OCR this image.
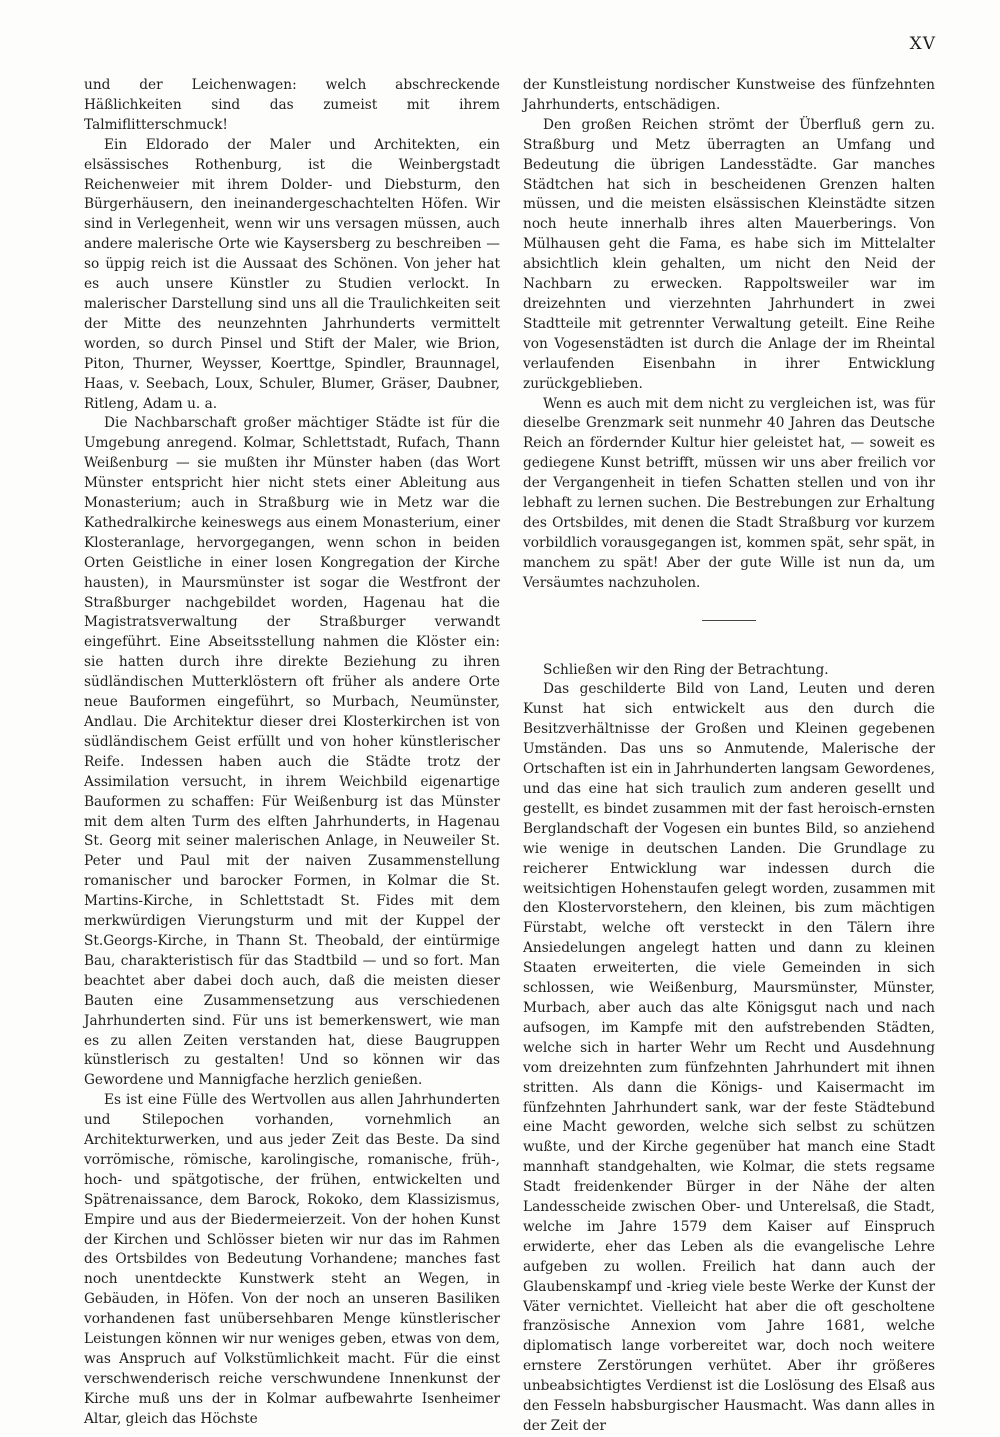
XV

und der Leichenwagen: welch abschreckende Häßlichkeiten sind das zumeist mit ihrem Talmiflitterschmuck!

Ein Eldorado der Maler und Architekten, ein elsässisches Rothenburg, ist die Weinbergstadt Reichenweier mit ihrem Dolder- und Diebsturm, den Bürgerhäusern, den ineinandergeschachtelten Höfen. Wir sind in Verlegenheit, wenn wir uns versagen müssen, auch andere malerische Orte wie Kaysersberg zu beschreiben — so üppig reich ist die Aussaat des Schönen. Von jeher hat es auch unsere Künstler zu Studien verlockt. In malerischer Darstellung sind uns all die Traulichkeiten seit der Mitte des neunzehnten Jahrhunderts vermittelt worden, so durch Pinsel und Stift der Maler, wie Brion, Piton, Thurner, Weysser, Koerttge, Spindler, Braunnagel, Haas, v. Seebach, Loux, Schuler, Blumer, Gräser, Daubner, Ritleng, Adam u. a.

Die Nachbarschaft großer mächtiger Städte ist für die Umgebung anregend. Kolmar, Schlettstadt, Rufach, Thann Weißenburg — sie mußten ihr Münster haben (das Wort Münster entspricht hier nicht stets einer Ableitung aus Monasterium; auch in Straßburg wie in Metz war die Kathedralkirche keineswegs aus einem Monasterium, einer Klosteranlage, hervorgegangen, wenn schon in beiden Orten Geistliche in einer losen Kongregation der Kirche hausten), in Maursmünster ist sogar die Westfront der Straßburger nachgebildet worden, Hagenau hat die Magistratsverwaltung der Straßburger verwandt eingeführt. Eine Abseitsstellung nahmen die Klöster ein: sie hatten durch ihre direkte Beziehung zu ihren südländischen Mutterklöstern oft früher als andere Orte neue Bauformen eingeführt, so Murbach, Neumünster, Andlau. Die Architektur dieser drei Klosterkirchen ist von südländischem Geist erfüllt und von hoher künstlerischer Reife. Indessen haben auch die Städte trotz der Assimilation versucht, in ihrem Weichbild eigenartige Bauformen zu schaffen: Für Weißenburg ist das Münster mit dem alten Turm des elften Jahrhunderts, in Hagenau St. Georg mit seiner malerischen Anlage, in Neuweiler St. Peter und Paul mit der naiven Zusammenstellung romanischer und barocker Formen, in Kolmar die St. Martins-Kirche, in Schlettstadt St. Fides mit dem merkwürdigen Vierungsturm und mit der Kuppel der St.Georgs-Kirche, in Thann St. Theobald, der eintürmige Bau, charakteristisch für das Stadtbild — und so fort. Man beachtet aber dabei doch auch, daß die meisten dieser Bauten eine Zusammensetzung aus verschiedenen Jahrhunderten sind. Für uns ist bemerkenswert, wie man es zu allen Zeiten verstanden hat, diese Baugruppen künstlerisch zu gestalten! Und so können wir das Gewordene und Mannigfache herzlich genießen.

Es ist eine Fülle des Wertvollen aus allen Jahrhunderten und Stilepochen vorhanden, vornehmlich an Architekturwerken, und aus jeder Zeit das Beste. Da sind vorrömische, römische, karolingische, romanische, früh-, hoch- und spätgotische, der frühen, entwickelten und Spätrenaissance, dem Barock, Rokoko, dem Klassizismus, Empire und aus der Biedermeierzeit. Von der hohen Kunst der Kirchen und Schlösser bieten wir nur das im Rahmen des Ortsbildes von Bedeutung Vorhandene; manches fast noch unentdeckte Kunstwerk steht an Wegen, in Gebäuden, in Höfen. Von der noch an unseren Basiliken vorhandenen fast unübersehbaren Menge künstlerischer Leistungen können wir nur weniges geben, etwas von dem, was Anspruch auf Volkstümlichkeit macht. Für die einst verschwenderisch reiche verschwundene Innenkunst der Kirche muß uns der in Kolmar aufbewahrte Isenheimer Altar, gleich das Höchste

der Kunstleistung nordischer Kunstweise des fünfzehnten Jahrhunderts, entschädigen.

Den großen Reichen strömt der Überfluß gern zu. Straßburg und Metz überragten an Umfang und Bedeutung die übrigen Landesstädte. Gar manches Städtchen hat sich in bescheidenen Grenzen halten müssen, und die meisten elsässischen Kleinstädte sitzen noch heute innerhalb ihres alten Mauerberings. Von Mülhausen geht die Fama, es habe sich im Mittelalter absichtlich klein gehalten, um nicht den Neid der Nachbarn zu erwecken. Rappoltsweiler war im dreizehnten und vierzehnten Jahrhundert in zwei Stadtteile mit getrennter Verwaltung geteilt. Eine Reihe von Vogesenstädten ist durch die Anlage der im Rheintal verlaufenden Eisenbahn in ihrer Entwicklung zurückgeblieben.

Wenn es auch mit dem nicht zu vergleichen ist, was für dieselbe Grenzmark seit nunmehr 40 Jahren das Deutsche Reich an fördernder Kultur hier geleistet hat, — soweit es gediegene Kunst betrifft, müssen wir uns aber freilich vor der Vergangenheit in tiefen Schatten stellen und von ihr lebhaft zu lernen suchen. Die Bestrebungen zur Erhaltung des Ortsbildes, mit denen die Stadt Straßburg vor kurzem vorbildlich vorausgegangen ist, kommen spät, sehr spät, in manchem zu spät! Aber der gute Wille ist nun da, um Versäumtes nachzuholen.

Schließen wir den Ring der Betrachtung.

Das geschilderte Bild von Land, Leuten und deren Kunst hat sich entwickelt aus den durch die Besitzverhältnisse der Großen und Kleinen gegebenen Umständen. Das uns so Anmutende, Malerische der Ortschaften ist ein in Jahrhunderten langsam Gewordenes, und das eine hat sich traulich zum anderen gesellt und gestellt, es bindet zusammen mit der fast heroisch-ernsten Berglandschaft der Vogesen ein buntes Bild, so anziehend wie wenige in deutschen Landen. Die Grundlage zu reicherer Entwicklung war indessen durch die weitsichtigen Hohenstaufen gelegt worden, zusammen mit den Klostervorstehern, den kleinen, bis zum mächtigen Fürstabt, welche oft versteckt in den Tälern ihre Ansiedelungen angelegt hatten und dann zu kleinen Staaten erweiterten, die viele Gemeinden in sich schlossen, wie Weißenburg, Maursmünster, Münster, Murbach, aber auch das alte Königsgut nach und nach aufsogen, im Kampfe mit den aufstrebenden Städten, welche sich in harter Wehr um Recht und Ausdehnung vom dreizehnten zum fünfzehnten Jahrhundert mit ihnen stritten. Als dann die Königs- und Kaisermacht im fünfzehnten Jahrhundert sank, war der feste Städtebund eine Macht geworden, welche sich selbst zu schützen wußte, und der Kirche gegenüber hat manch eine Stadt mannhaft standgehalten, wie Kolmar, die stets regsame Stadt freidenkender Bürger in der Nähe der alten Landesscheide zwischen Ober- und Unterelsaß, die Stadt, welche im Jahre 1579 dem Kaiser auf Einspruch erwiderte, eher das Leben als die evangelische Lehre aufgeben zu wollen. Freilich hat dann auch der Glaubenskampf und -krieg viele beste Werke der Kunst der Väter vernichtet. Vielleicht hat aber die oft gescholtene französische Annexion vom Jahre 1681, welche diplomatisch lange vorbereitet war, doch noch weitere ernstere Zerstörungen verhütet. Aber ihr größeres unbeabsichtigtes Verdienst ist die Loslösung des Elsaß aus den Fesseln habsburgischer Hausmacht. Was dann alles in der Zeit der
